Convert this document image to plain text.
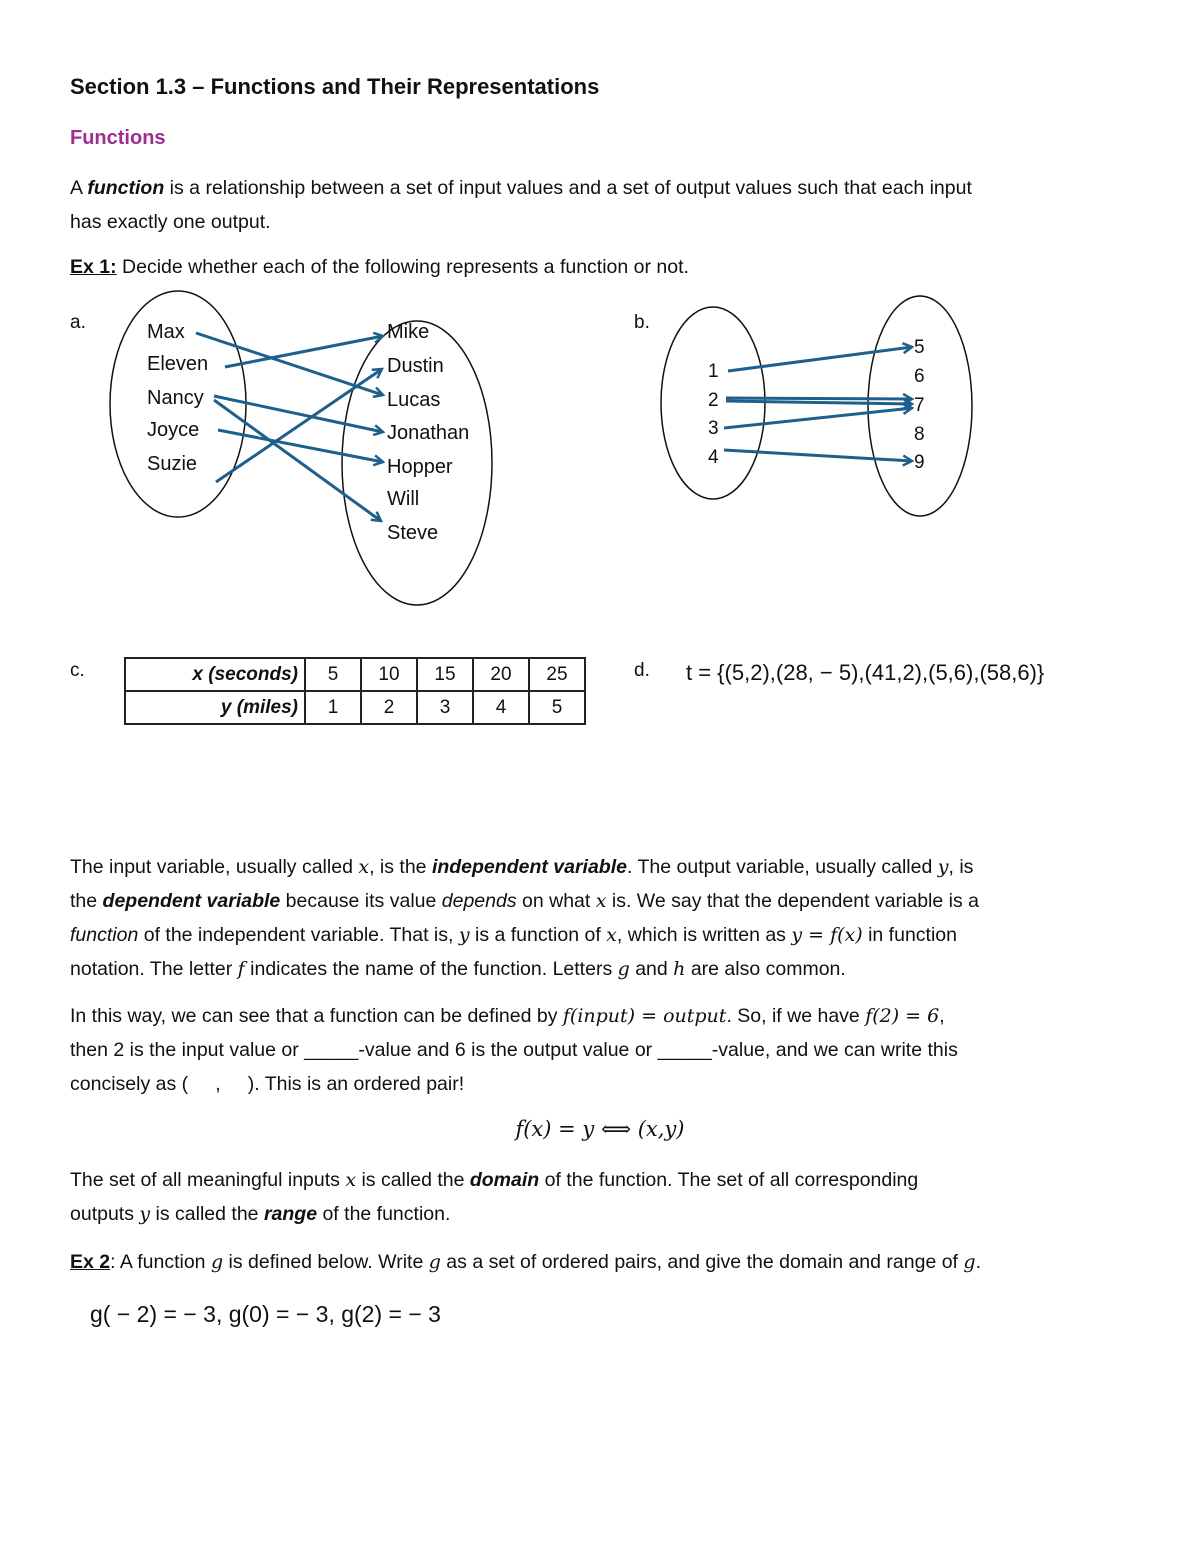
Section 1.3 – Functions and Their Representations
Functions

A function is a relationship between a set of input values and a set of output values such that each input
has exactly one output.

Ex 1: Decide whether each of the following represents a function or not.
a.	b.
c.	d.
Max
Eleven
Nancy
Joyce
Suzie
Mike
Dustin
Lucas
Jonathan
Hopper
Will
Steve
1
2
3
4
5
6
7
8
9
x (seconds)	5	10	15	20	25
y (miles)	1	2	3	4	5
t = {(5,2),(28, − 5),(41,2),(5,6),(58,6)}

The input variable, usually called x, is the independent variable. The output variable, usually called y, is
the dependent variable because its value depends on what x is. We say that the dependent variable is a
function of the independent variable. That is, y is a function of x, which is written as y = f(x) in function
notation. The letter f indicates the name of the function. Letters g and h are also common.

In this way, we can see that a function can be defined by f(input) = output. So, if we have f(2) = 6,
then 2 is the input value or _____-value and 6 is the output value or _____-value, and we can write this
concisely as (     ,     ). This is an ordered pair!

f(x) = y ⟺ (x,y)

The set of all meaningful inputs x is called the domain of the function. The set of all corresponding
outputs y is called the range of the function.

Ex 2: A function g is defined below. Write g as a set of ordered pairs, and give the domain and range of g.

g( − 2) = − 3, g(0) = − 3, g(2) = − 3
